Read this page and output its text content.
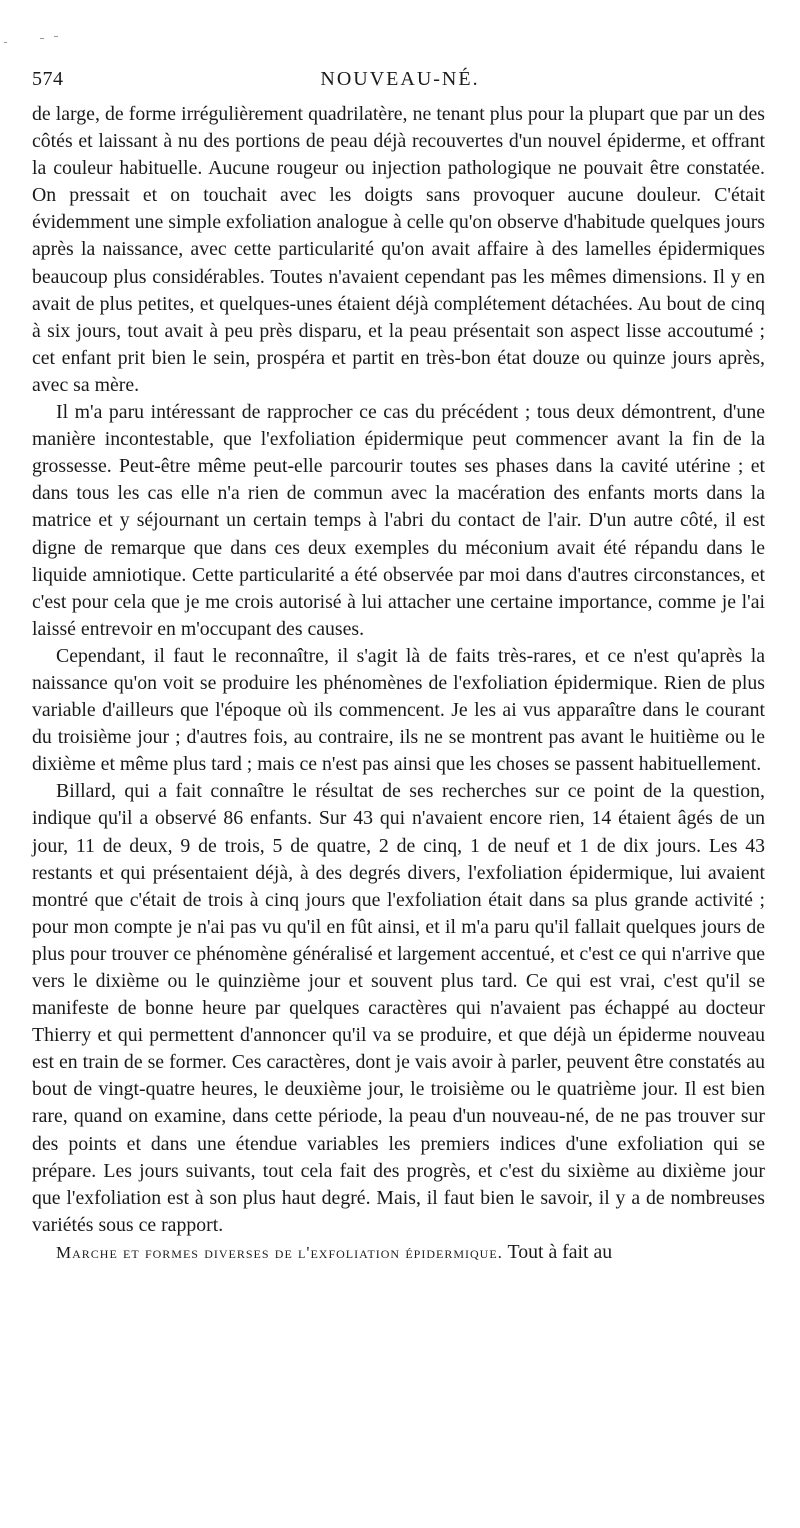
574	NOUVEAU-NÉ.

de large, de forme irrégulièrement quadrilatère, ne tenant plus pour la plupart que par un des côtés et laissant à nu des portions de peau déjà recouvertes d'un nouvel épiderme, et offrant la couleur habituelle. Aucune rougeur ou injection pathologique ne pouvait être constatée. On pressait et on touchait avec les doigts sans provoquer aucune douleur. C'était évidemment une simple exfoliation analogue à celle qu'on observe d'habitude quelques jours après la naissance, avec cette particularité qu'on avait affaire à des lamelles épidermiques beaucoup plus considérables. Toutes n'avaient cependant pas les mêmes dimensions. Il y en avait de plus petites, et quelques-unes étaient déjà complétement détachées. Au bout de cinq à six jours, tout avait à peu près disparu, et la peau présentait son aspect lisse accoutumé ; cet enfant prit bien le sein, prospéra et partit en très-bon état douze ou quinze jours après, avec sa mère.

Il m'a paru intéressant de rapprocher ce cas du précédent ; tous deux démontrent, d'une manière incontestable, que l'exfoliation épidermique peut commencer avant la fin de la grossesse. Peut-être même peut-elle parcourir toutes ses phases dans la cavité utérine ; et dans tous les cas elle n'a rien de commun avec la macération des enfants morts dans la matrice et y séjournant un certain temps à l'abri du contact de l'air. D'un autre côté, il est digne de remarque que dans ces deux exemples du méconium avait été répandu dans le liquide amniotique. Cette particularité a été observée par moi dans d'autres circonstances, et c'est pour cela que je me crois autorisé à lui attacher une certaine importance, comme je l'ai laissé entrevoir en m'occupant des causes.

Cependant, il faut le reconnaître, il s'agit là de faits très-rares, et ce n'est qu'après la naissance qu'on voit se produire les phénomènes de l'exfoliation épidermique. Rien de plus variable d'ailleurs que l'époque où ils commencent. Je les ai vus apparaître dans le courant du troisième jour ; d'autres fois, au contraire, ils ne se montrent pas avant le huitième ou le dixième et même plus tard ; mais ce n'est pas ainsi que les choses se passent habituellement.

Billard, qui a fait connaître le résultat de ses recherches sur ce point de la question, indique qu'il a observé 86 enfants. Sur 43 qui n'avaient encore rien, 14 étaient âgés de un jour, 11 de deux, 9 de trois, 5 de quatre, 2 de cinq, 1 de neuf et 1 de dix jours. Les 43 restants et qui présentaient déjà, à des degrés divers, l'exfoliation épidermique, lui avaient montré que c'était de trois à cinq jours que l'exfoliation était dans sa plus grande activité ; pour mon compte je n'ai pas vu qu'il en fût ainsi, et il m'a paru qu'il fallait quelques jours de plus pour trouver ce phénomène généralisé et largement accentué, et c'est ce qui n'arrive que vers le dixième ou le quinzième jour et souvent plus tard. Ce qui est vrai, c'est qu'il se manifeste de bonne heure par quelques caractères qui n'avaient pas échappé au docteur Thierry et qui permettent d'annoncer qu'il va se produire, et que déjà un épiderme nouveau est en train de se former. Ces caractères, dont je vais avoir à parler, peuvent être constatés au bout de vingt-quatre heures, le deuxième jour, le troisième ou le quatrième jour. Il est bien rare, quand on examine, dans cette période, la peau d'un nouveau-né, de ne pas trouver sur des points et dans une étendue variables les premiers indices d'une exfoliation qui se prépare. Les jours suivants, tout cela fait des progrès, et c'est du sixième au dixième jour que l'exfoliation est à son plus haut degré. Mais, il faut bien le savoir, il y a de nombreuses variétés sous ce rapport.

Marche et formes diverses de l'exfoliation épidermique. Tout à fait au
